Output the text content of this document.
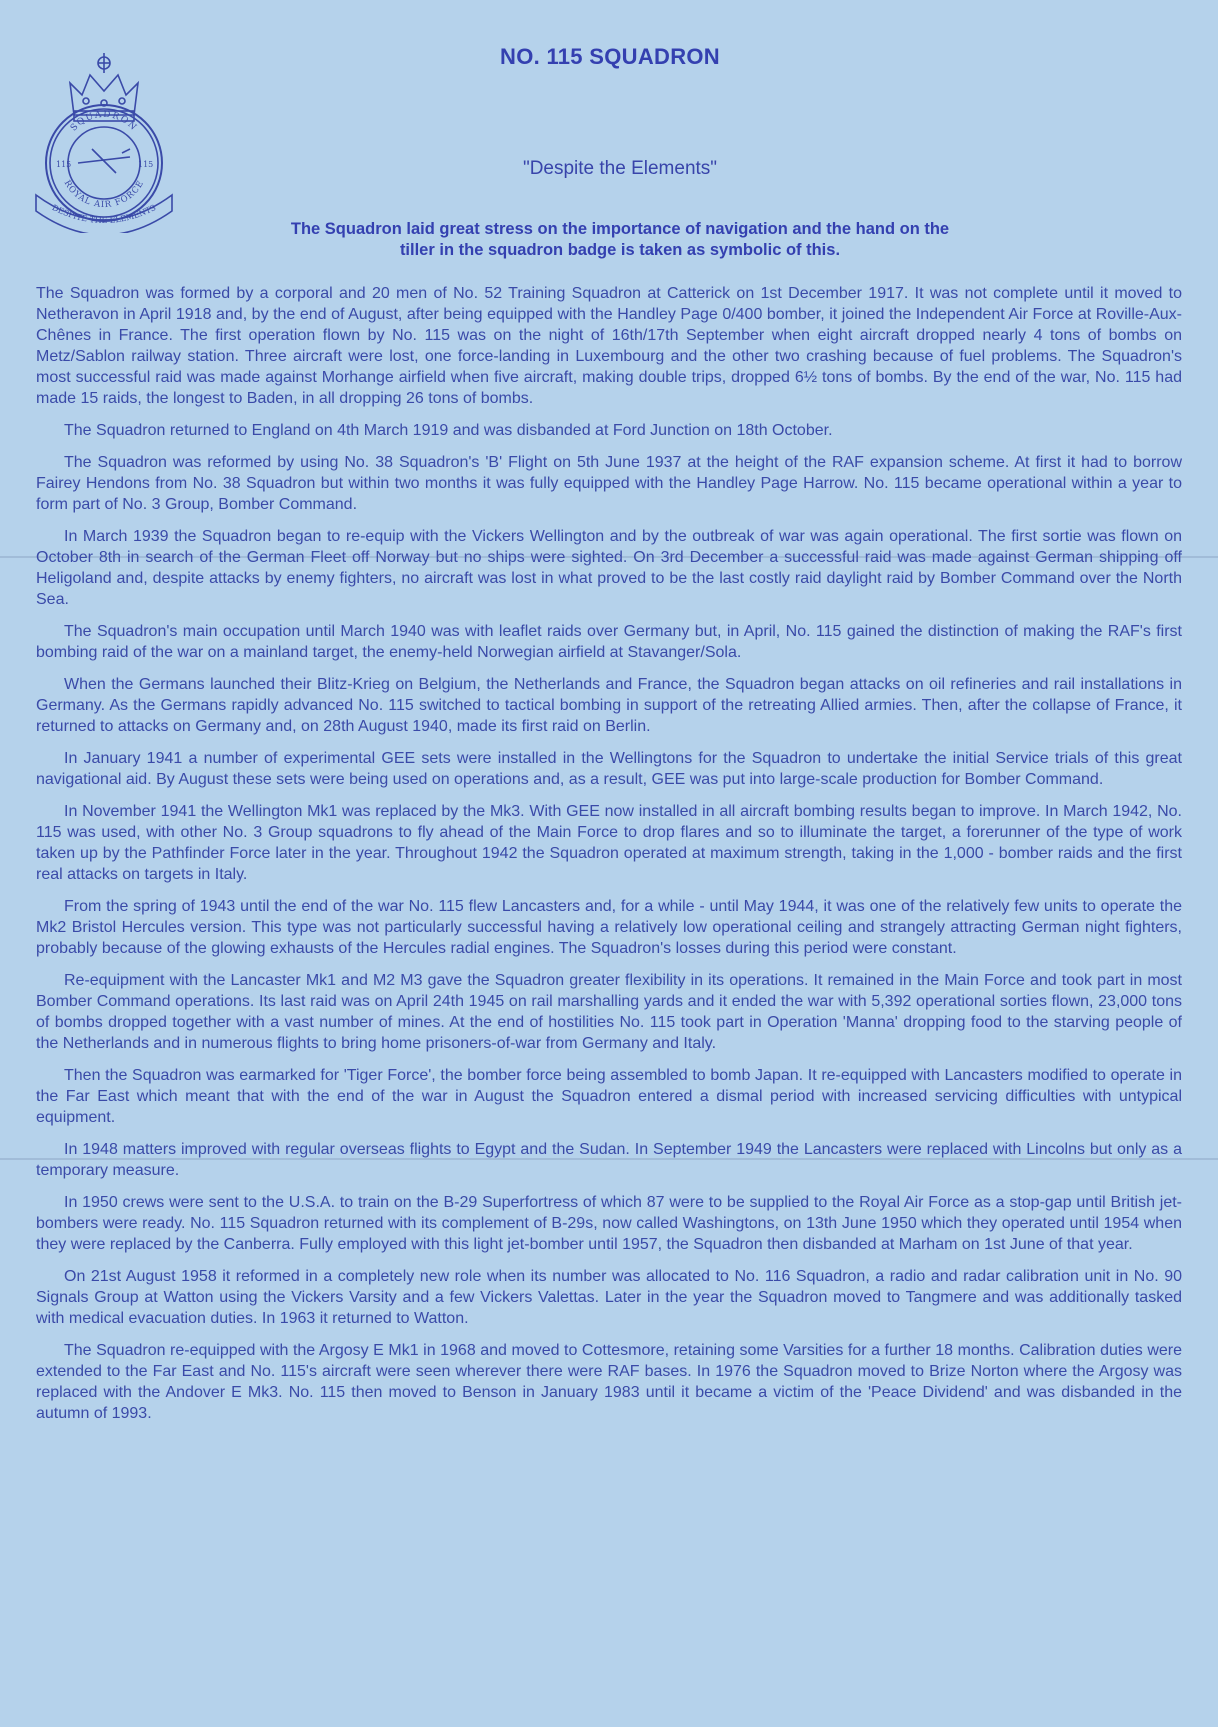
SQUADRON
115	115
ROYAL AIR FORCE
DESPITE THE ELEMENTS
NO. 115 SQUADRON

"Despite the Elements"

The Squadron laid great stress on the importance of navigation and the hand on the tiller in the squadron badge is taken as symbolic of this.

The Squadron was formed by a corporal and 20 men of No. 52 Training Squadron at Catterick on 1st December 1917. It was not complete until it moved to Netheravon in April 1918 and, by the end of August, after being equipped with the Handley Page 0/400 bomber, it joined the Independent Air Force at Roville-Aux-Chênes in France. The first operation flown by No. 115 was on the night of 16th/17th September when eight aircraft dropped nearly 4 tons of bombs on Metz/Sablon railway station. Three aircraft were lost, one force-landing in Luxembourg and the other two crashing because of fuel problems. The Squadron's most successful raid was made against Morhange airfield when five aircraft, making double trips, dropped 6½ tons of bombs. By the end of the war, No. 115 had made 15 raids, the longest to Baden, in all dropping 26 tons of bombs.

The Squadron returned to England on 4th March 1919 and was disbanded at Ford Junction on 18th October.

The Squadron was reformed by using No. 38 Squadron's 'B' Flight on 5th June 1937 at the height of the RAF expansion scheme. At first it had to borrow Fairey Hendons from No. 38 Squadron but within two months it was fully equipped with the Handley Page Harrow. No. 115 became operational within a year to form part of No. 3 Group, Bomber Command.

In March 1939 the Squadron began to re-equip with the Vickers Wellington and by the outbreak of war was again operational. The first sortie was flown on October 8th in search of the German Fleet off Norway but no ships were sighted. On 3rd December a successful raid was made against German shipping off Heligoland and, despite attacks by enemy fighters, no aircraft was lost in what proved to be the last costly raid daylight raid by Bomber Command over the North Sea.

The Squadron's main occupation until March 1940 was with leaflet raids over Germany but, in April, No. 115 gained the distinction of making the RAF's first bombing raid of the war on a mainland target, the enemy-held Norwegian airfield at Stavanger/Sola.

When the Germans launched their Blitz-Krieg on Belgium, the Netherlands and France, the Squadron began attacks on oil refineries and rail installations in Germany. As the Germans rapidly advanced No. 115 switched to tactical bombing in support of the retreating Allied armies. Then, after the collapse of France, it returned to attacks on Germany and, on 28th August 1940, made its first raid on Berlin.

In January 1941 a number of experimental GEE sets were installed in the Wellingtons for the Squadron to undertake the initial Service trials of this great navigational aid. By August these sets were being used on operations and, as a result, GEE was put into large-scale production for Bomber Command.

In November 1941 the Wellington Mk1 was replaced by the Mk3. With GEE now installed in all aircraft bombing results began to improve. In March 1942, No. 115 was used, with other No. 3 Group squadrons to fly ahead of the Main Force to drop flares and so to illuminate the target, a forerunner of the type of work taken up by the Pathfinder Force later in the year. Throughout 1942 the Squadron operated at maximum strength, taking in the 1,000 - bomber raids and the first real attacks on targets in Italy.

From the spring of 1943 until the end of the war No. 115 flew Lancasters and, for a while - until May 1944, it was one of the relatively few units to operate the Mk2 Bristol Hercules version. This type was not particularly successful having a relatively low operational ceiling and strangely attracting German night fighters, probably because of the glowing exhausts of the Hercules radial engines. The Squadron's losses during this period were constant.

Re-equipment with the Lancaster Mk1 and M2 M3 gave the Squadron greater flexibility in its operations. It remained in the Main Force and took part in most Bomber Command operations. Its last raid was on April 24th 1945 on rail marshalling yards and it ended the war with 5,392 operational sorties flown, 23,000 tons of bombs dropped together with a vast number of mines. At the end of hostilities No. 115 took part in Operation 'Manna' dropping food to the starving people of the Netherlands and in numerous flights to bring home prisoners-of-war from Germany and Italy.

Then the Squadron was earmarked for 'Tiger Force', the bomber force being assembled to bomb Japan. It re-equipped with Lancasters modified to operate in the Far East which meant that with the end of the war in August the Squadron entered a dismal period with increased servicing difficulties with untypical equipment.

In 1948 matters improved with regular overseas flights to Egypt and the Sudan. In September 1949 the Lancasters were replaced with Lincolns but only as a temporary measure.

In 1950 crews were sent to the U.S.A. to train on the B-29 Superfortress of which 87 were to be supplied to the Royal Air Force as a stop-gap until British jet-bombers were ready. No. 115 Squadron returned with its complement of B-29s, now called Washingtons, on 13th June 1950 which they operated until 1954 when they were replaced by the Canberra. Fully employed with this light jet-bomber until 1957, the Squadron then disbanded at Marham on 1st June of that year.

On 21st August 1958 it reformed in a completely new role when its number was allocated to No. 116 Squadron, a radio and radar calibration unit in No. 90 Signals Group at Watton using the Vickers Varsity and a few Vickers Valettas. Later in the year the Squadron moved to Tangmere and was additionally tasked with medical evacuation duties. In 1963 it returned to Watton.

The Squadron re-equipped with the Argosy E Mk1 in 1968 and moved to Cottesmore, retaining some Varsities for a further 18 months. Calibration duties were extended to the Far East and No. 115's aircraft were seen wherever there were RAF bases. In 1976 the Squadron moved to Brize Norton where the Argosy was replaced with the Andover E Mk3. No. 115 then moved to Benson in January 1983 until it became a victim of the 'Peace Dividend' and was disbanded in the autumn of 1993.
